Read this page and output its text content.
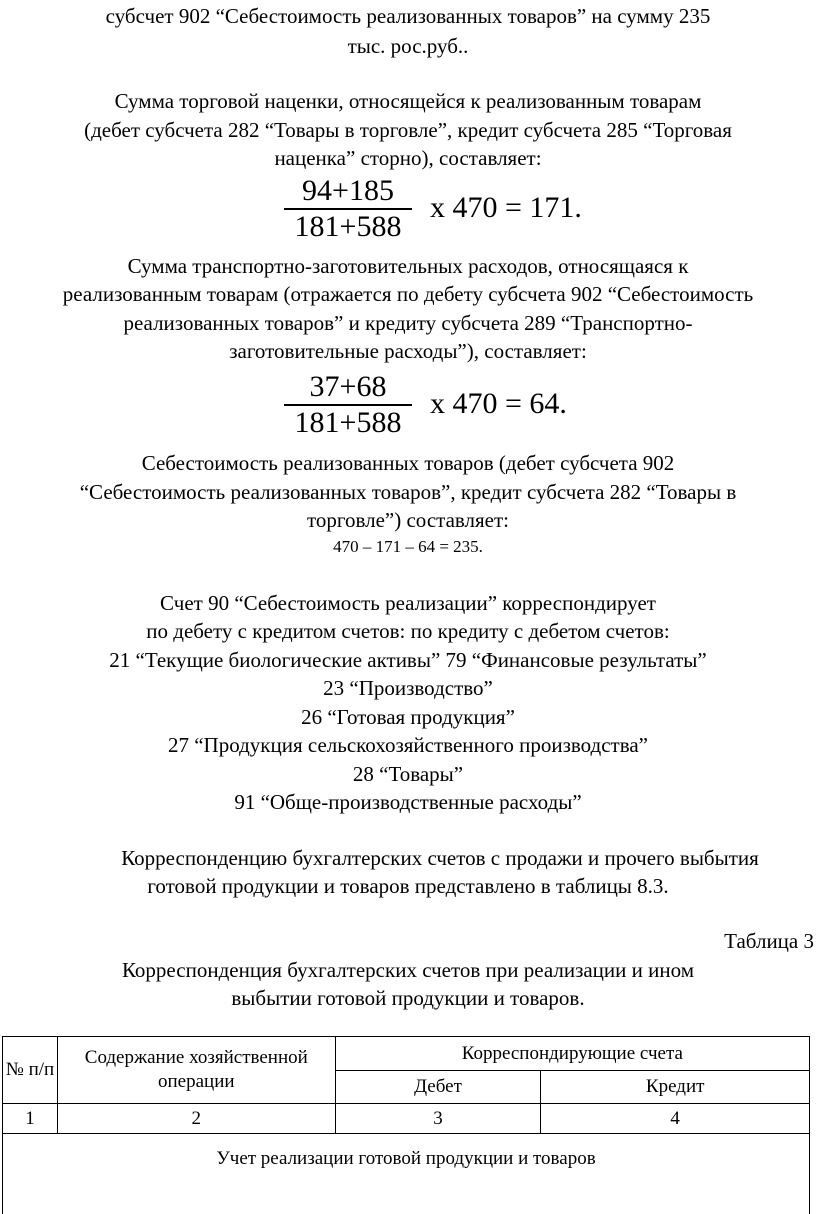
субсчет 902 “Себестоимость реализованных товаров” на сумму 235
тыс. рос.руб..
Сумма торговой наценки, относящейся к реализованным товарам
(дебет субсчета 282 “Товары в торговле”, кредит субсчета 285 “Торговая
наценка” сторно), составляет:
94+185
181+588
х 470 = 171.
Сумма транспортно-заготовительных расходов, относящаяся к
реализованным товарам (отражается по дебету субсчета 902 “Себестоимость
реализованных товаров” и кредиту субсчета 289 “Транспортно-
заготовительные расходы”), составляет:
37+68
181+588
х 470 = 64.
Себестоимость реализованных товаров (дебет субсчета 902
“Себестоимость реализованных товаров”, кредит субсчета 282 “Товары в
торговле”) составляет:
470 – 171 – 64 = 235.
Счет 90 “Себестоимость реализации” корреспондирует
по дебету с кредитом счетов: по кредиту с дебетом счетов:
21 “Текущие биологические активы” 79 “Финансовые результаты”
23 “Производство”
26 “Готовая продукция”
27 “Продукция сельскохозяйственного производства”
28 “Товары”
91 “Обще-производственные расходы”
Корреспонденцию бухгалтерских счетов с продажи и прочего выбытия
готовой продукции и товаров представлено в таблицы 8.3.
Таблица 3
Корреспонденция бухгалтерских счетов при реализации и ином
выбытии готовой продукции и товаров.
№ п/п	Содержание хозяйственной операции	Корреспондирующие счета	
		Дебет	Кредит
1	2	3	4
Учет реализации готовой продукции и товаров			
